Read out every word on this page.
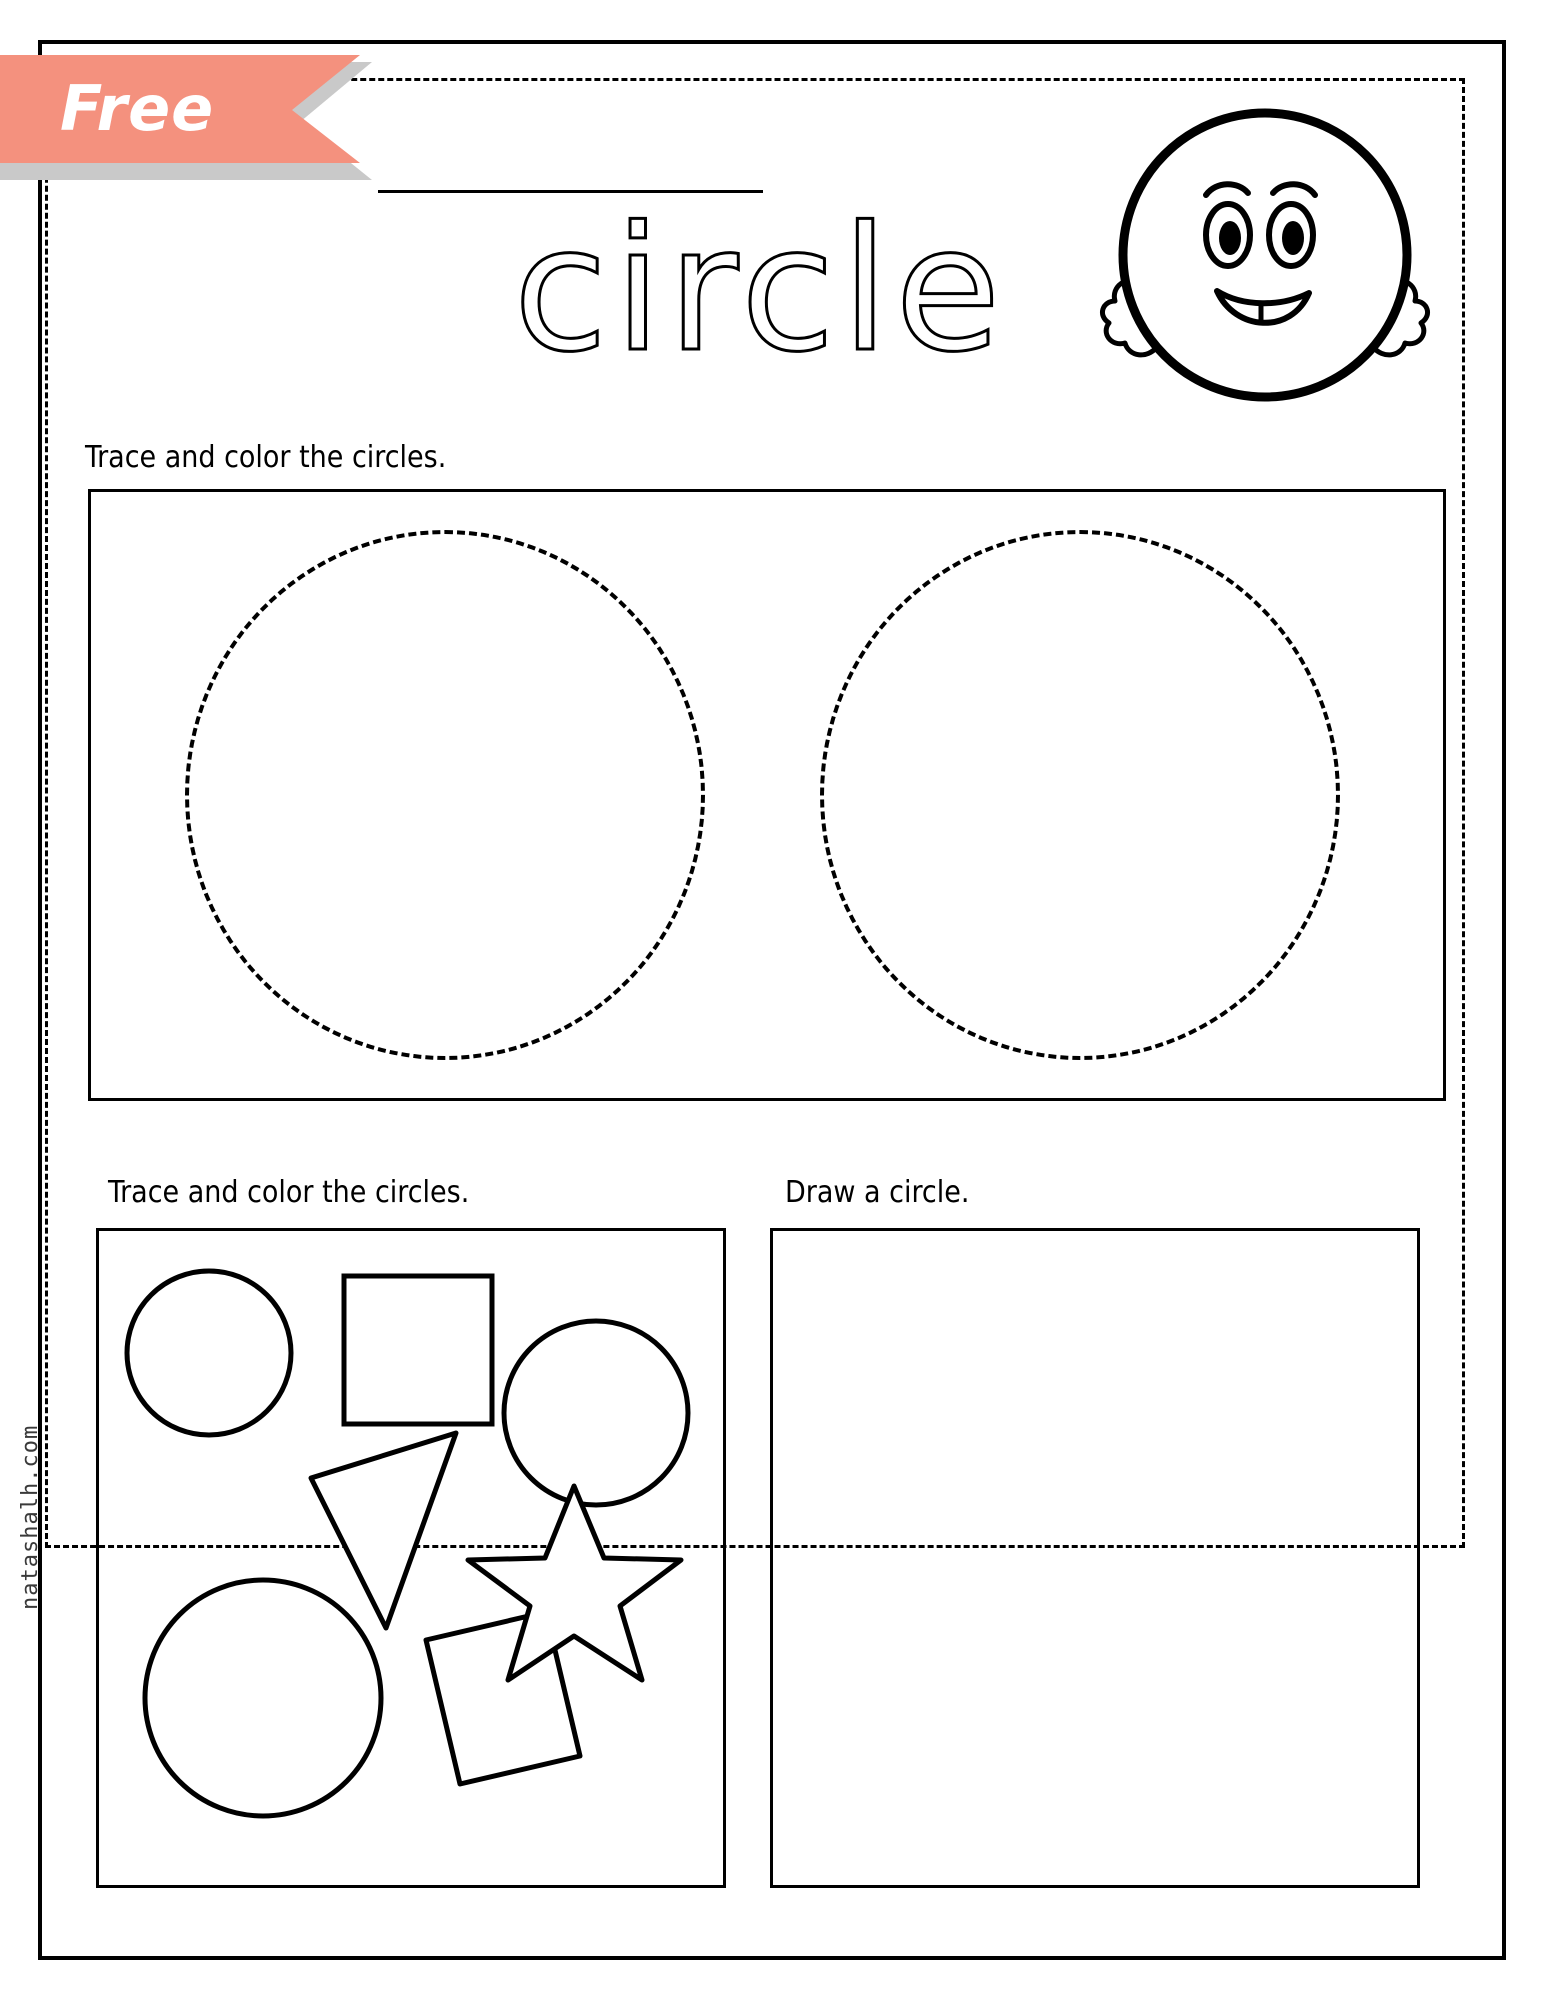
Free
circle
Trace and color the circles.
Trace and color the circles.	Draw a circle.
natashalh.com
